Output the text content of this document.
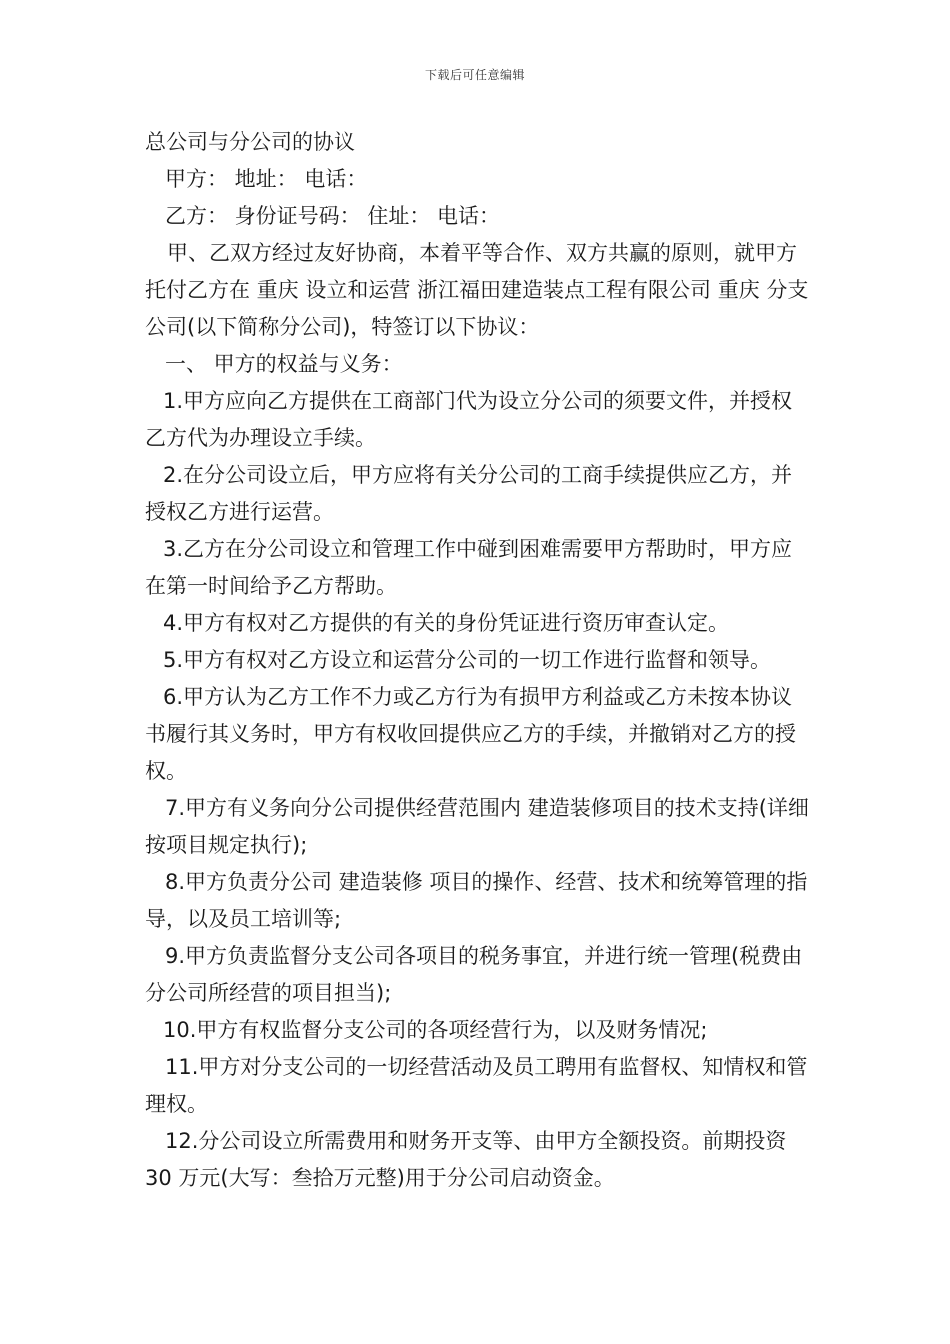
下载后可任意编辑

总公司与分公司的协议

甲方： 地址： 电话：

乙方： 身份证号码： 住址： 电话：

甲、乙双方经过友好协商，本着平等合作、双方共赢的原则，就甲方托付乙方在 重庆 设立和运营 浙江福田建造装点工程有限公司 重庆 分支公司(以下简称分公司)，特签订以下协议：

一、 甲方的权益与义务：

1.甲方应向乙方提供在工商部门代为设立分公司的须要文件，并授权乙方代为办理设立手续。

2.在分公司设立后，甲方应将有关分公司的工商手续提供应乙方，并授权乙方进行运营。

3.乙方在分公司设立和管理工作中碰到困难需要甲方帮助时，甲方应在第一时间给予乙方帮助。

4.甲方有权对乙方提供的有关的身份凭证进行资历审查认定。

5.甲方有权对乙方设立和运营分公司的一切工作进行监督和领导。

6.甲方认为乙方工作不力或乙方行为有损甲方利益或乙方未按本协议书履行其义务时，甲方有权收回提供应乙方的手续，并撤销对乙方的授权。

7.甲方有义务向分公司提供经营范围内 建造装修项目的技术支持(详细按项目规定执行);

8.甲方负责分公司 建造装修 项目的操作、经营、技术和统筹管理的指导，以及员工培训等;

9.甲方负责监督分支公司各项目的税务事宜，并进行统一管理(税费由分公司所经营的项目担当);

10.甲方有权监督分支公司的各项经营行为，以及财务情况;

11.甲方对分支公司的一切经营活动及员工聘用有监督权、知情权和管理权。

12.分公司设立所需费用和财务开支等、由甲方全额投资。前期投资 30 万元(大写：叁拾万元整)用于分公司启动资金。
